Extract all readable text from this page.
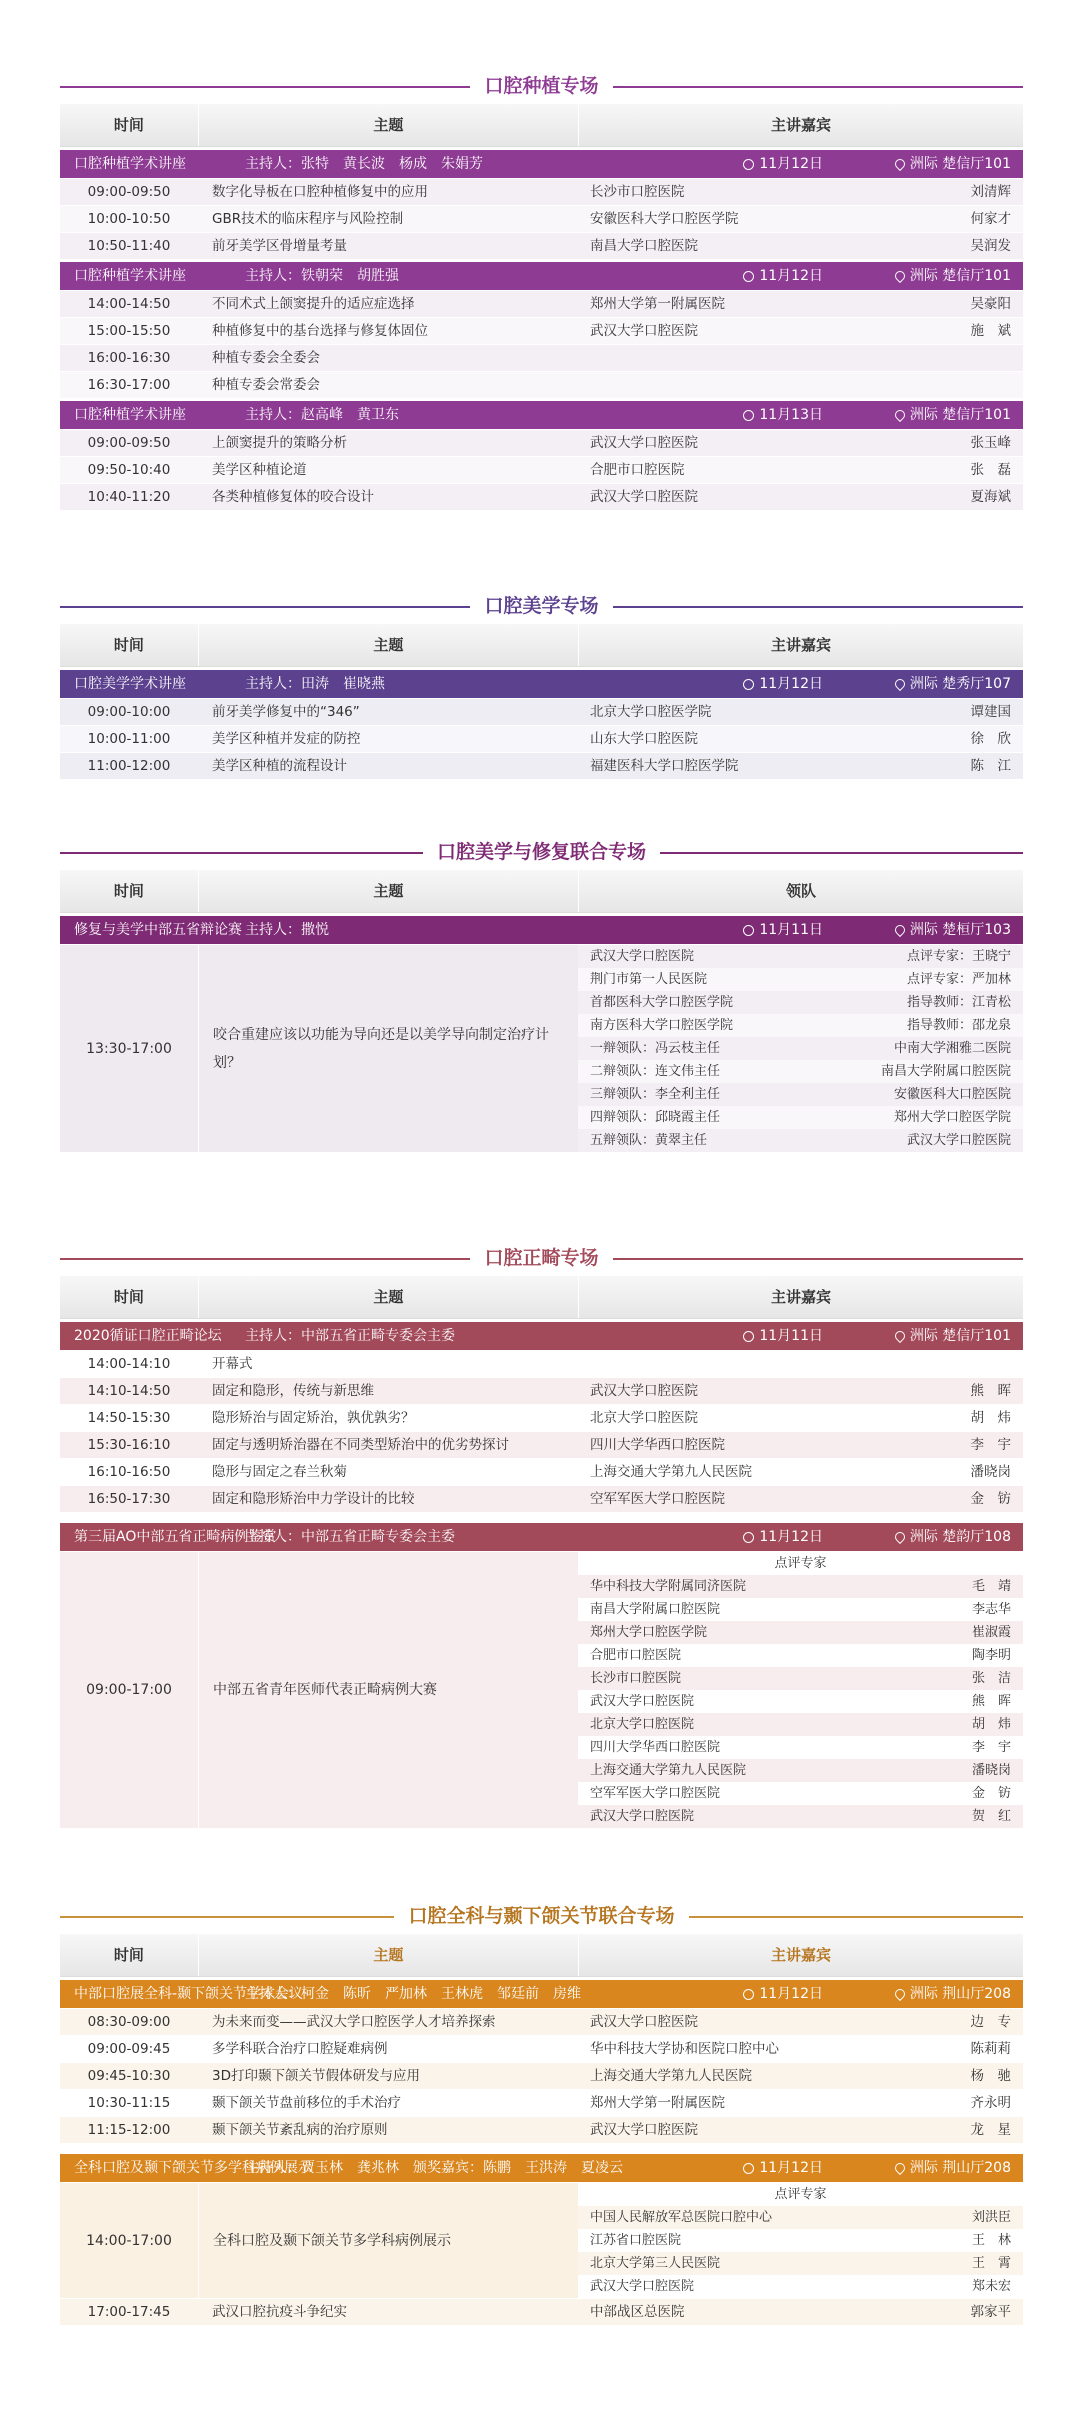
口腔种植专场
时间	主题	主讲嘉宾
口腔种植学术讲座	主持人：张特　黄长波　杨成　朱娟芳	11月12日	洲际 楚信厅101
09:00-09:50	数字化导板在口腔种植修复中的应用	长沙市口腔医院	刘清辉
10:00-10:50	GBR技术的临床程序与风险控制	安徽医科大学口腔医学院	何家才
10:50-11:40	前牙美学区骨增量考量	南昌大学口腔医院	吴润发
口腔种植学术讲座	主持人：铁朝荣　胡胜强	11月12日	洲际 楚信厅101
14:00-14:50	不同术式上颌窦提升的适应症选择	郑州大学第一附属医院	吴豪阳
15:00-15:50	种植修复中的基台选择与修复体固位	武汉大学口腔医院	施　斌
16:00-16:30	种植专委会全委会
16:30-17:00	种植专委会常委会
口腔种植学术讲座	主持人：赵高峰　黄卫东	11月13日	洲际 楚信厅101
09:00-09:50	上颌窦提升的策略分析	武汉大学口腔医院	张玉峰
09:50-10:40	美学区种植论道	合肥市口腔医院	张　磊
10:40-11:20	各类种植修复体的咬合设计	武汉大学口腔医院	夏海斌
口腔美学专场
时间	主题	主讲嘉宾
口腔美学学术讲座	主持人：田涛　崔晓燕	11月12日	洲际 楚秀厅107
09:00-10:00	前牙美学修复中的“346”	北京大学口腔医学院	谭建国
10:00-11:00	美学区种植并发症的防控	山东大学口腔医院	徐　欣
11:00-12:00	美学区种植的流程设计	福建医科大学口腔医学院	陈　江
口腔美学与修复联合专场
时间	主题	领队
修复与美学中部五省辩论赛 主持人：撒悦	11月11日	洲际 楚桓厅103
13:30-17:00
咬合重建应该以功能为导向还是以美学导向制定治疗计划？
武汉大学口腔医院	点评专家：王晓宁
荆门市第一人民医院	点评专家：严加林
首都医科大学口腔医学院	指导教师：江青松
南方医科大学口腔医学院	指导教师：邵龙泉
一辩领队：冯云枝主任	中南大学湘雅二医院
二辩领队：连文伟主任	南昌大学附属口腔医院
三辩领队：李全利主任	安徽医科大口腔医院
四辩领队：邱晓霞主任	郑州大学口腔医学院
五辩领队：黄翠主任	武汉大学口腔医院
口腔正畸专场
时间	主题	主讲嘉宾
2020循证口腔正畸论坛 主持人：中部五省正畸专委会主委	11月11日	洲际 楚信厅101
14:00-14:10	开幕式
14:10-14:50	固定和隐形，传统与新思维	武汉大学口腔医院	熊　晖
14:50-15:30	隐形矫治与固定矫治，孰优孰劣？	北京大学口腔医院	胡　炜
15:30-16:10	固定与透明矫治器在不同类型矫治中的优劣势探讨	四川大学华西口腔医院	李　宇
16:10-16:50	隐形与固定之春兰秋菊	上海交通大学第九人民医院	潘晓岗
16:50-17:30	固定和隐形矫治中力学设计的比较	空军军医大学口腔医院	金　钫
第三届AO中部五省正畸病例鉴赏
主持人：中部五省正畸专委会主委	11月12日	洲际 楚韵厅108
09:00-17:00	中部五省青年医师代表正畸病例大赛
点评专家
华中科技大学附属同济医院	毛　靖
南昌大学附属口腔医院	李志华
郑州大学口腔医学院	崔淑霞
合肥市口腔医院	陶李明
长沙市口腔医院	张　洁
武汉大学口腔医院	熊　晖
北京大学口腔医院	胡　炜
四川大学华西口腔医院	李　宇
上海交通大学第九人民医院	潘晓岗
空军军医大学口腔医院	金　钫
武汉大学口腔医院	贺　红
口腔全科与颞下颌关节联合专场
时间	主题	主讲嘉宾
中部口腔展全科-颞下颌关节学术会议
主持人：柯金　陈昕　严加林　王林虎　邹廷前　房维	11月12日	洲际 荆山厅208
08:30-09:00	为未来而变——武汉大学口腔医学人才培养探索	武汉大学口腔医院	边　专
09:00-09:45	多学科联合治疗口腔疑难病例	华中科技大学协和医院口腔中心	陈莉莉
09:45-10:30	3D打印颞下颌关节假体研发与应用	上海交通大学第九人民医院	杨　驰
10:30-11:15	颞下颌关节盘前移位的手术治疗	郑州大学第一附属医院	齐永明
11:15-12:00	颞下颌关节紊乱病的治疗原则	武汉大学口腔医院	龙　星
全科口腔及颞下颌关节多学科病例展示
主持人：贾玉林　龚兆林　颁奖嘉宾：陈鹏　王洪涛　夏凌云	11月12日	洲际 荆山厅208
14:00-17:00	全科口腔及颞下颌关节多学科病例展示
点评专家
中国人民解放军总医院口腔中心	刘洪臣
江苏省口腔医院	王　林
北京大学第三人民医院	王　霄
武汉大学口腔医院	郑未宏
17:00-17:45	武汉口腔抗疫斗争纪实	中部战区总医院	郭家平
